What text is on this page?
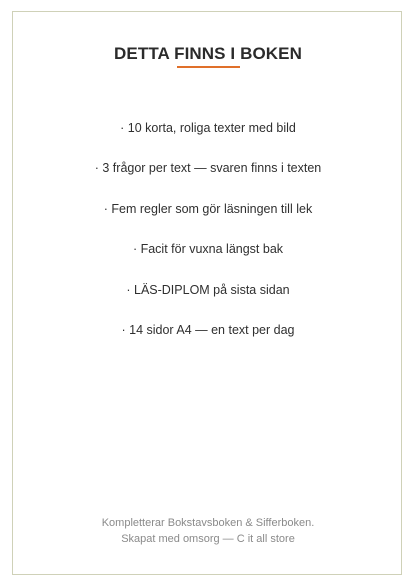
DETTA FINNS I BOKEN
· 10 korta, roliga texter med bild
· 3 frågor per text — svaren finns i texten
· Fem regler som gör läsningen till lek
· Facit för vuxna längst bak
· LÄS-DIPLOM på sista sidan
· 14 sidor A4 — en text per dag
Kompletterar Bokstavsboken & Sifferboken.
Skapat med omsorg — C it all store
